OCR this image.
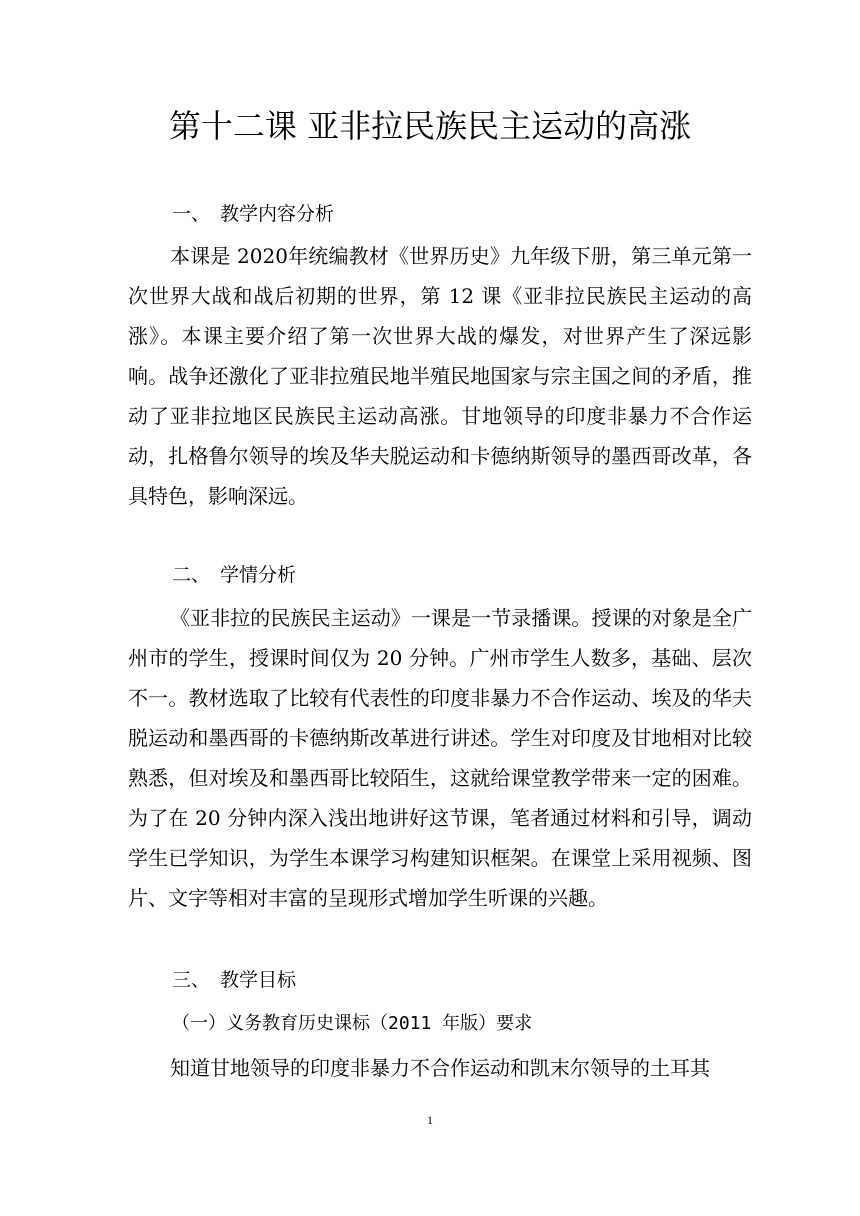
第十二课 亚非拉民族民主运动的高涨
一、 教学内容分析

本课是 2020年统编教材《世界历史》九年级下册，第三单元第一次世界大战和战后初期的世界，第 12 课《亚非拉民族民主运动的高涨》。本课主要介绍了第一次世界大战的爆发，对世界产生了深远影响。战争还激化了亚非拉殖民地半殖民地国家与宗主国之间的矛盾，推动了亚非拉地区民族民主运动高涨。甘地领导的印度非暴力不合作运动，扎格鲁尔领导的埃及华夫脱运动和卡德纳斯领导的墨西哥改革，各具特色，影响深远。

二、 学情分析

《亚非拉的民族民主运动》一课是一节录播课。授课的对象是全广州市的学生，授课时间仅为 20 分钟。广州市学生人数多，基础、层次不一。教材选取了比较有代表性的印度非暴力不合作运动、埃及的华夫脱运动和墨西哥的卡德纳斯改革进行讲述。学生对印度及甘地相对比较熟悉，但对埃及和墨西哥比较陌生，这就给课堂教学带来一定的困难。为了在 20 分钟内深入浅出地讲好这节课，笔者通过材料和引导，调动学生已学知识，为学生本课学习构建知识框架。在课堂上采用视频、图片、文字等相对丰富的呈现形式增加学生听课的兴趣。

三、 教学目标
（一）义务教育历史课标（2011 年版）要求

知道甘地领导的印度非暴力不合作运动和凯末尔领导的土耳其

1
